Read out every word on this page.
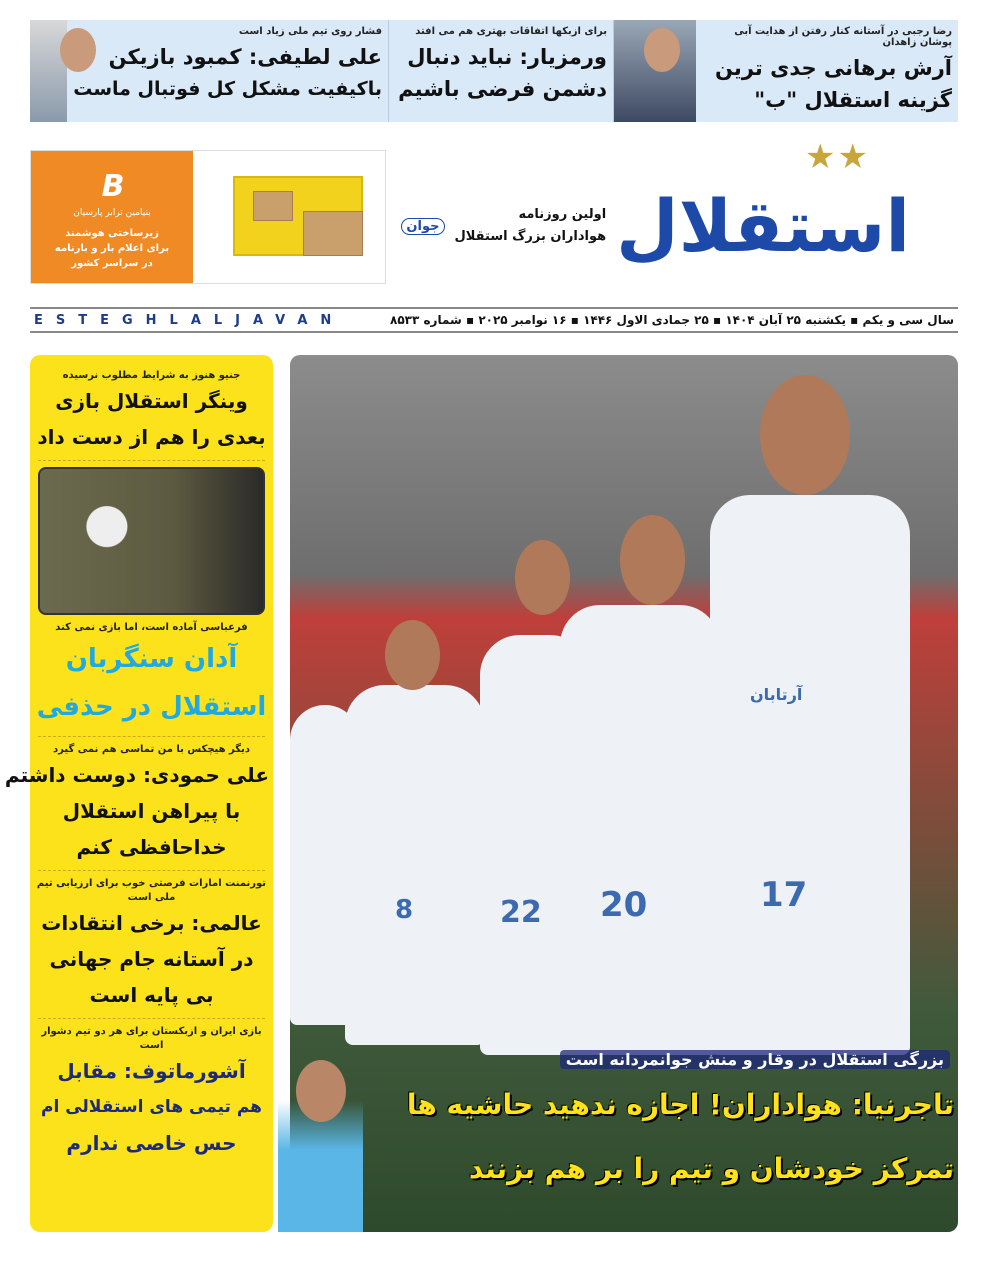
رضا رجبی در آستانه کنار رفتن از هدایت آبی پوشان زاهدان
آرش برهانی جدی ترین
گزینه استقلال "ب"
برای ازبکها اتفاقات بهتری هم می افتد
ورمزیار: نباید دنبال
دشمن فرضی باشیم
فشار روی تیم ملی زیاد است
علی لطیفی: کمبود بازیکن
باکیفیت مشکل کل فوتبال ماست
B
بنیامین ترابر پارسیان
زیرساختی هوشمند
برای اعلام بار و بارنامه
در سراسر کشور
★★
استقلال
اولین روزنامه
هواداران بزرگ استقلال
جوان
سال سی و یکم ▪ یکشنبه ۲۵ آبان ۱۴۰۴ ▪ ۲۵ جمادی الاول ۱۴۴۶ ▪ ۱۶ نوامبر ۲۰۲۵ ▪ شماره ۸۵۳۳
ESTEGHLALJAVAN
جنیو هنوز به شرایط مطلوب نرسیده
وینگر استقلال بازی
بعدی را هم از دست داد
فرعباسی آماده است، اما بازی نمی کند
آدان سنگربان
استقلال در حذفی
دیگر هیچکس با من تماسی هم نمی گیرد
علی حمودی: دوست داشتم
با پیراهن استقلال
خداحافظی کنم
تورنمنت امارات فرصتی خوب برای ارزیابی تیم ملی است
عالمی: برخی انتقادات
در آستانه جام جهانی
بی پایه است
بازی ایران و ازبکستان برای هر دو تیم دشوار است
آشورماتوف: مقابل
هم تیمی های استقلالی ام
حس خاصی ندارم
17
آرتابان
20
22
8
بزرگی استقلال در وقار و منش جوانمردانه است
تاجرنیا: هواداران! اجازه ندهید حاشیه ها
تمرکز خودشان و تیم را بر هم بزنند
